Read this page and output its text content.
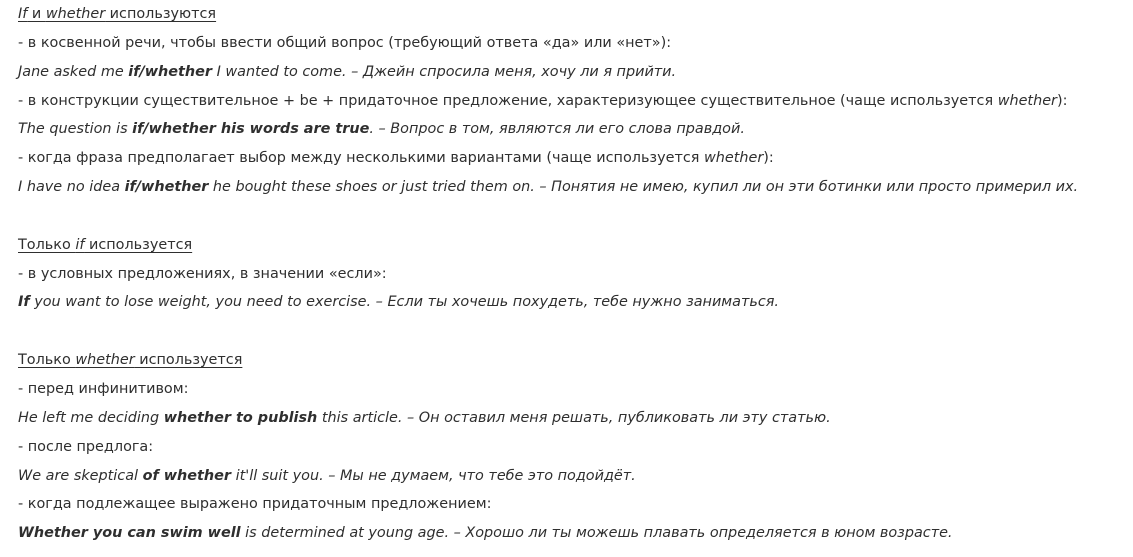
If и whether используются
- в косвенной речи, чтобы ввести общий вопрос (требующий ответа «да» или «нет»):
Jane asked me if/whether I wanted to come. – Джейн спросила меня, хочу ли я прийти.
- в конструкции существительное + be + придаточное предложение, характеризующее существительное (чаще используется whether):
The question is if/whether his words are true. – Вопрос в том, являются ли его слова правдой.
- когда фраза предполагает выбор между несколькими вариантами (чаще используется whether):
I have no idea if/whether he bought these shoes or just tried them on. – Понятия не имею, купил ли он эти ботинки или просто примерил их.
Только if используется
- в условных предложениях, в значении «если»:
If you want to lose weight, you need to exercise. – Если ты хочешь похудеть, тебе нужно заниматься.
Только whether используется
- перед инфинитивом:
He left me deciding whether to publish this article. – Он оставил меня решать, публиковать ли эту статью.
- после предлога:
We are skeptical of whether it'll suit you. – Мы не думаем, что тебе это подойдёт.
- когда подлежащее выражено придаточным предложением:
Whether you can swim well is determined at young age. – Хорошо ли ты можешь плавать определяется в юном возрасте.
